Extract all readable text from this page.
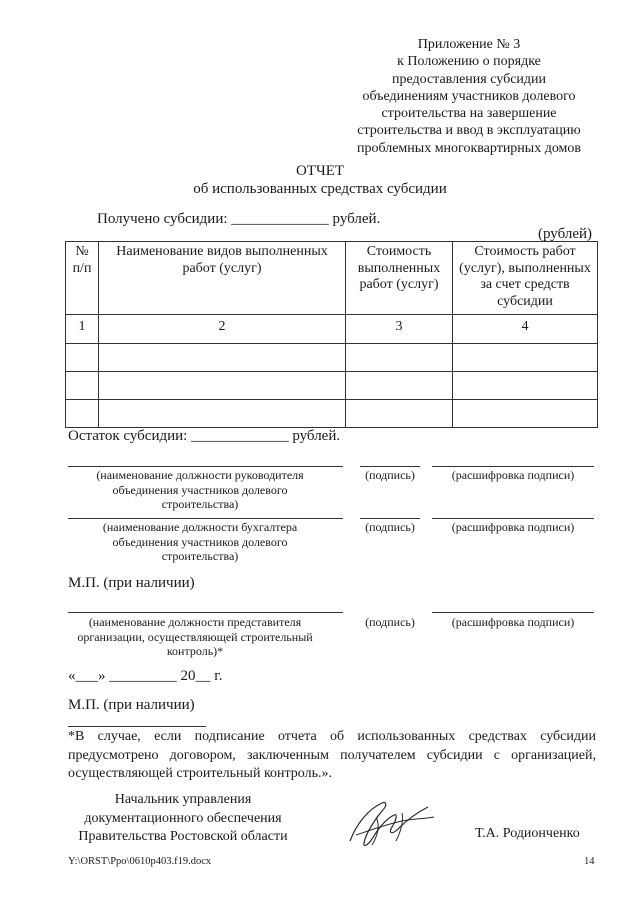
Приложение № 3
к Положению о порядке
предоставления субсидии
объединениям участников долевого
строительства на завершение
строительства и ввод в эксплуатацию
проблемных многоквартирных домов
ОТЧЕТ
об использованных средствах субсидии
Получено субсидии: _____________ рублей.
(рублей)
№ п/п	Наименование видов выполненных работ (услуг)	Стоимость выполненных работ (услуг)	Стоимость работ (услуг), выполненных за счет средств субсидии
1	2	3	4

Остаток субсидии: _____________ рублей.
(наименование должности руководителя объединения участников долевого строительства)
(подпись)	(расшифровка подписи)
(наименование должности бухгалтера объединения участников долевого строительства)
(подпись)	(расшифровка подписи)
М.П. (при наличии)
(наименование должности представителя организации, осуществляющей строительный контроль)*
(подпись)	(расшифровка подписи)
«___» _________ 20__ г.
М.П. (при наличии)
*В случае, если подписание отчета об использованных средствах субсидии предусмотрено договором, заключенным получателем субсидии с организацией, осуществляющей строительный контроль.».
Начальник управления
документационного обеспечения
Правительства Ростовской области	Т.А. Родионченко
Y:\ORST\Ppo\0610p403.f19.docx	14
